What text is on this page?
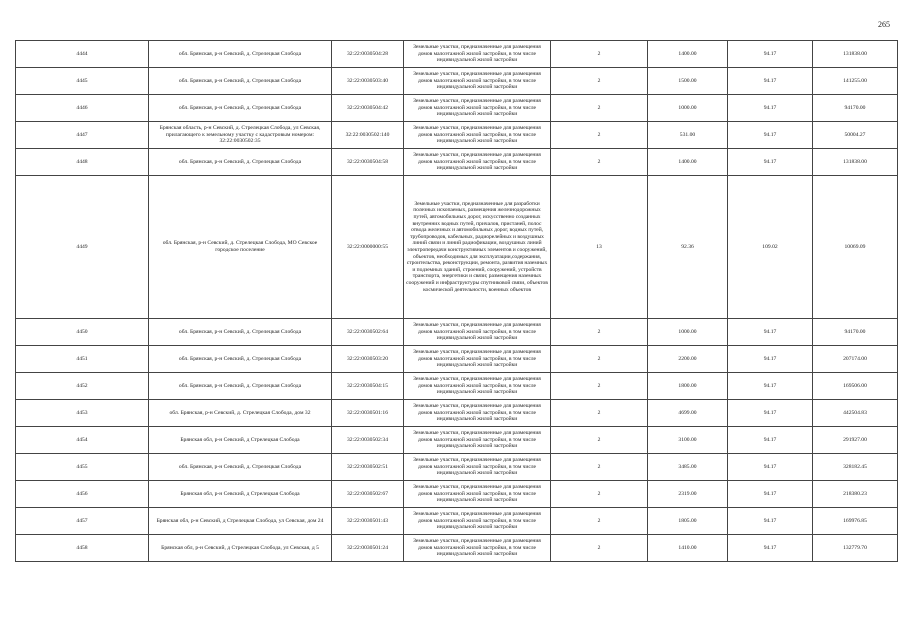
265
4444	обл. Брянская, р-н Севский, д. Стрелецкая Слобода	32:22:0030504:28	Земельные участки, предназначенные для размещения домов малоэтажной жилой застройки, в том числе индивидуальной жилой застройки	2	1400.00	94.17	131838.00
4445	обл. Брянская, р-н Севский, д. Стрелецкая Слобода	32:22:0030503:40	Земельные участки, предназначенные для размещения домов малоэтажной жилой застройки, в том числе индивидуальной жилой застройки	2	1500.00	94.17	141255.00
4446	обл. Брянская, р-н Севский, д. Стрелецкая Слобода	32:22:0030504:42	Земельные участки, предназначенные для размещения домов малоэтажной жилой застройки, в том числе индивидуальной жилой застройки	2	1000.00	94.17	94170.00
4447	Брянская область, р-н Севский, д. Стрелецкая Слобода, ул Севская, прилагающего к земельному участку с кадастровым номером: 32:22:0030502:35	32:22:0030502:140	Земельные участки, предназначенные для размещения домов малоэтажной жилой застройки, в том числе индивидуальной жилой застройки	2	531.00	94.17	50004.27
4448	обл. Брянская, р-н Севский, д. Стрелецкая Слобода	32:22:0030504:58	Земельные участки, предназначенные для размещения домов малоэтажной жилой застройки, в том числе индивидуальной жилой застройки	2	1400.00	94.17	131838.00
4449	обл. Брянская, р-н Севский, д. Стрелецкая Слобода, МО Севское городское поселение	32:22:0000000:55	Земельные участки, предназначенные для разработки полезных ископаемых, размещения железнодорожных путей, автомобильных дорог, искусственно созданных внутренних водных путей, причалов, пристаней, полос отвода железных и автомобильных дорог, водных путей, трубопроводов, кабельных, радиорелейных и воздушных линий связи и линий радиофикации, воздушных линий электропередачи конструктивных элементов и сооружений, объектов, необходимых для эксплуатации,содержания, строительства, реконструкции, ремонта, развития наземных и подземных зданий, строений, сооружений, устройств транспорта, энергетики и связи; размещения наземных сооружений и инфраструктуры спутниковой связи, объектов космической деятельности, военных объектов	13	92.36	109.02	10069.09
4450	обл. Брянская, р-н Севский, д. Стрелецкая Слобода	32:22:0030502:64	Земельные участки, предназначенные для размещения домов малоэтажной жилой застройки, в том числе индивидуальной жилой застройки	2	1000.00	94.17	94170.00
4451	обл. Брянская, р-н Севский, д. Стрелецкая Слобода	32:22:0030503:20	Земельные участки, предназначенные для размещения домов малоэтажной жилой застройки, в том числе индивидуальной жилой застройки	2	2200.00	94.17	207174.00
4452	обл. Брянская, р-н Севский, д. Стрелецкая Слобода	32:22:0030504:15	Земельные участки, предназначенные для размещения домов малоэтажной жилой застройки, в том числе индивидуальной жилой застройки	2	1800.00	94.17	169506.00
4453	обл. Брянская, р-н Севский, д. Стрелецкая Слобода, дом 32	32:22:0030501:16	Земельные участки, предназначенные для размещения домов малоэтажной жилой застройки, в том числе индивидуальной жилой застройки	2	4699.00	94.17	442504.83
4454	Брянская обл, р-н Севский, д Стрелецкая Слобода	32:22:0030502:34	Земельные участки, предназначенные для размещения домов малоэтажной жилой застройки, в том числе индивидуальной жилой застройки	2	3100.00	94.17	291927.00
4455	обл. Брянская, р-н Севский, д. Стрелецкая Слобода	32:22:0030502:51	Земельные участки, предназначенные для размещения домов малоэтажной жилой застройки, в том числе индивидуальной жилой застройки	2	3485.00	94.17	328182.45
4456	Брянская обл, р-н Севский, д Стрелецкая Слобода	32:22:0030502:67	Земельные участки, предназначенные для размещения домов малоэтажной жилой застройки, в том числе индивидуальной жилой застройки	2	2319.00	94.17	218380.23
4457	Брянская обл, р-н Севский, д Стрелецкая Слобода, ул Севская, дом 24	32:22:0030501:43	Земельные участки, предназначенные для размещения домов малоэтажной жилой застройки, в том числе индивидуальной жилой застройки	2	1805.00	94.17	169976.85
4458	Брянская обл, р-н Севский, д Стрелецкая Слобода, ул Севская, д 5	32:22:0030501:24	Земельные участки, предназначенные для размещения домов малоэтажной жилой застройки, в том числе индивидуальной жилой застройки	2	1410.00	94.17	132779.70
